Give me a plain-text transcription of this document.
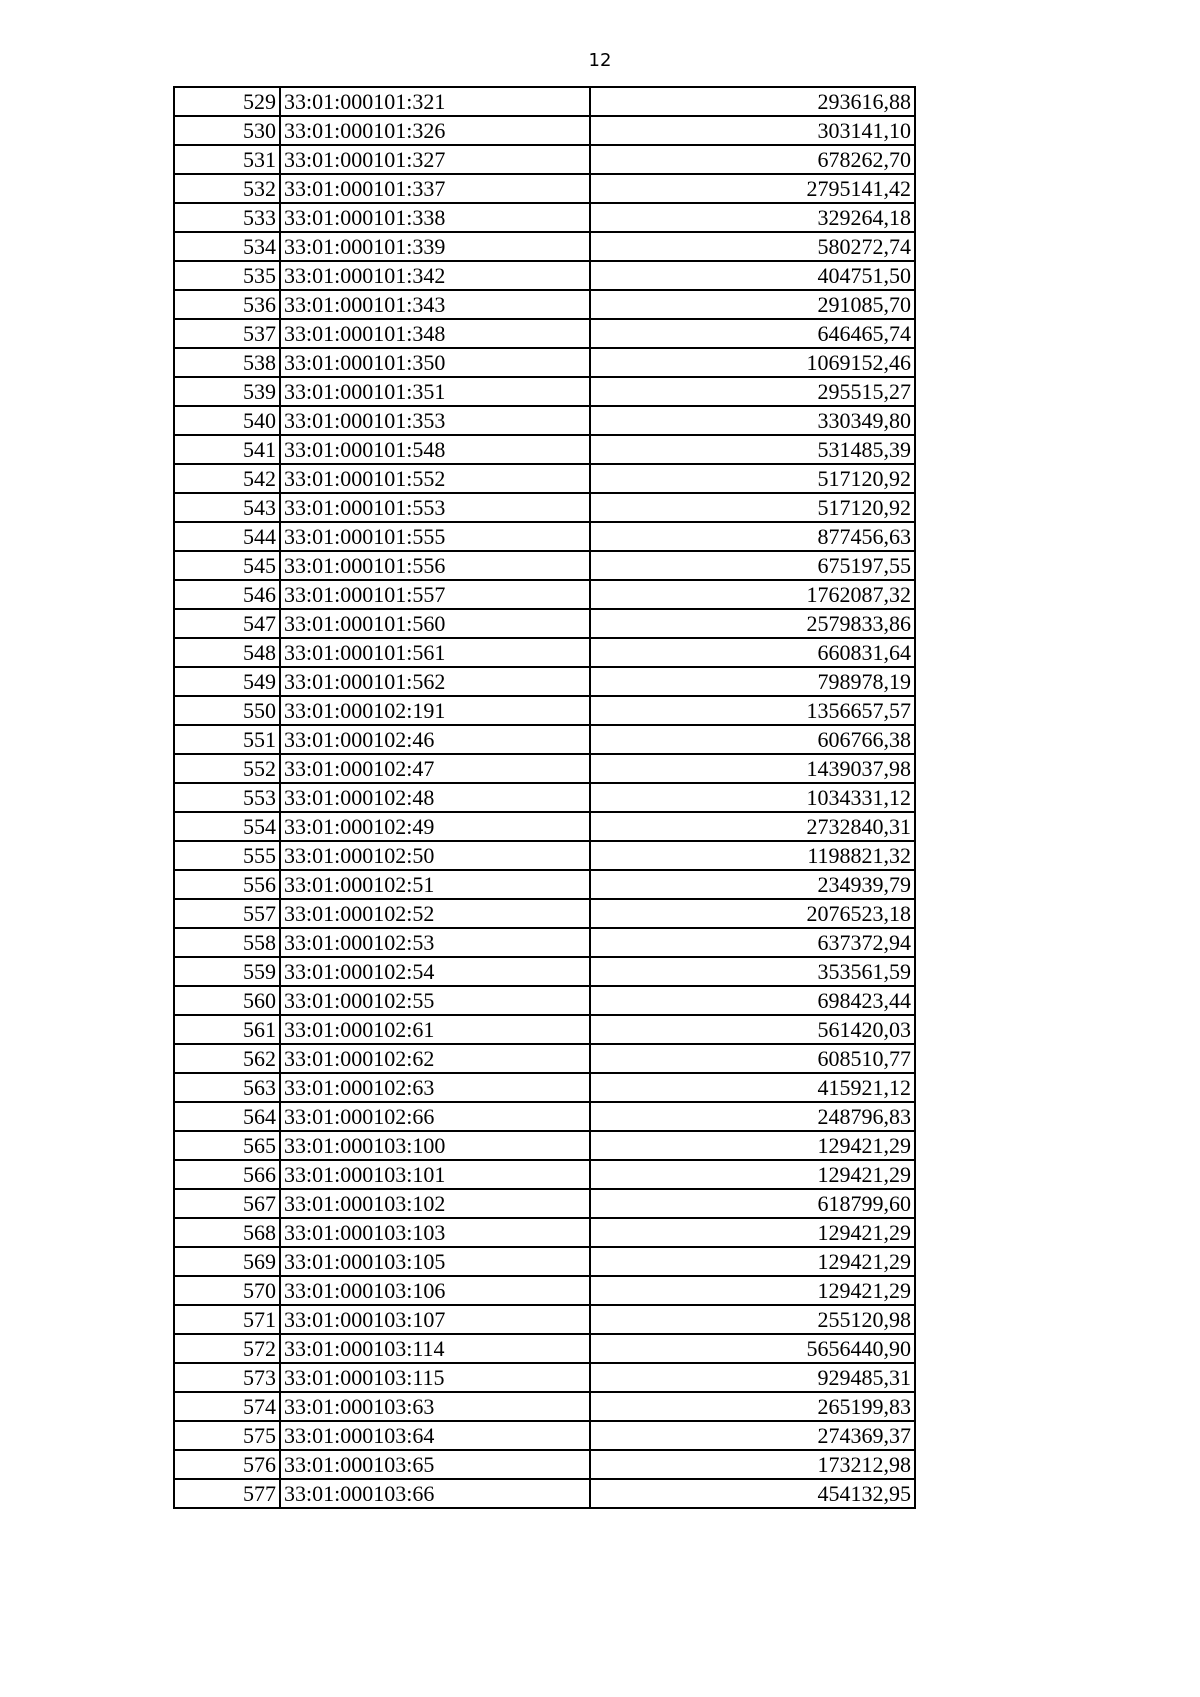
12
529	33:01:000101:321	293616,88
530	33:01:000101:326	303141,10
531	33:01:000101:327	678262,70
532	33:01:000101:337	2795141,42
533	33:01:000101:338	329264,18
534	33:01:000101:339	580272,74
535	33:01:000101:342	404751,50
536	33:01:000101:343	291085,70
537	33:01:000101:348	646465,74
538	33:01:000101:350	1069152,46
539	33:01:000101:351	295515,27
540	33:01:000101:353	330349,80
541	33:01:000101:548	531485,39
542	33:01:000101:552	517120,92
543	33:01:000101:553	517120,92
544	33:01:000101:555	877456,63
545	33:01:000101:556	675197,55
546	33:01:000101:557	1762087,32
547	33:01:000101:560	2579833,86
548	33:01:000101:561	660831,64
549	33:01:000101:562	798978,19
550	33:01:000102:191	1356657,57
551	33:01:000102:46	606766,38
552	33:01:000102:47	1439037,98
553	33:01:000102:48	1034331,12
554	33:01:000102:49	2732840,31
555	33:01:000102:50	1198821,32
556	33:01:000102:51	234939,79
557	33:01:000102:52	2076523,18
558	33:01:000102:53	637372,94
559	33:01:000102:54	353561,59
560	33:01:000102:55	698423,44
561	33:01:000102:61	561420,03
562	33:01:000102:62	608510,77
563	33:01:000102:63	415921,12
564	33:01:000102:66	248796,83
565	33:01:000103:100	129421,29
566	33:01:000103:101	129421,29
567	33:01:000103:102	618799,60
568	33:01:000103:103	129421,29
569	33:01:000103:105	129421,29
570	33:01:000103:106	129421,29
571	33:01:000103:107	255120,98
572	33:01:000103:114	5656440,90
573	33:01:000103:115	929485,31
574	33:01:000103:63	265199,83
575	33:01:000103:64	274369,37
576	33:01:000103:65	173212,98
577	33:01:000103:66	454132,95
